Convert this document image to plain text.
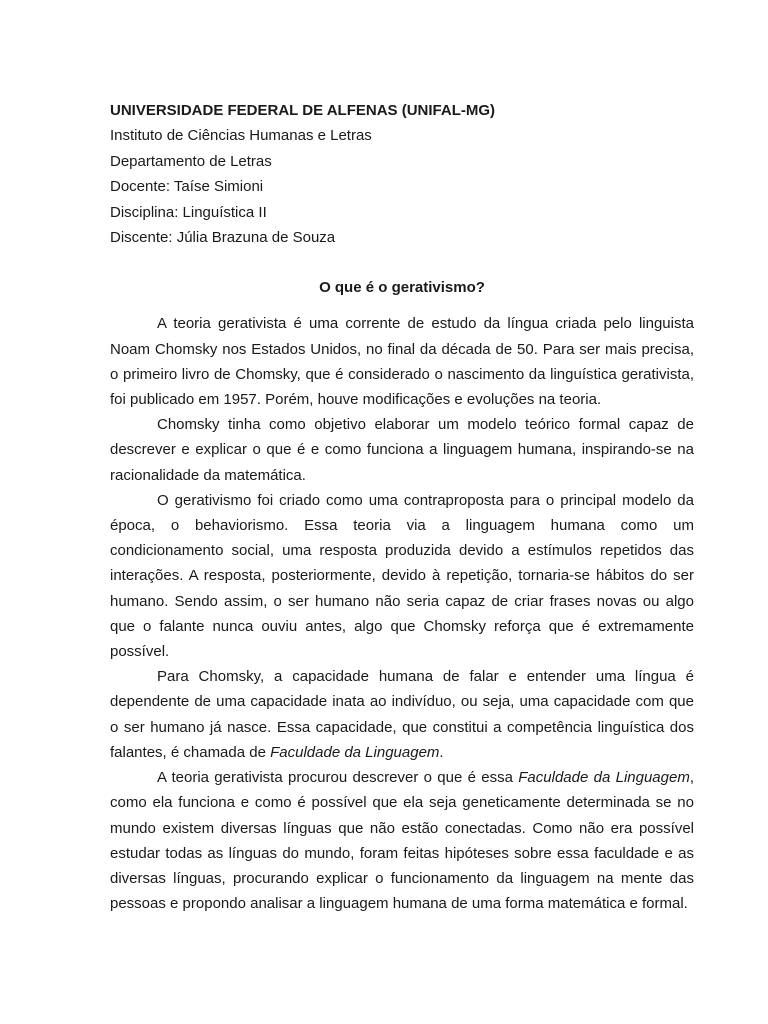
UNIVERSIDADE FEDERAL DE ALFENAS (UNIFAL-MG)

Instituto de Ciências Humanas e Letras

Departamento de Letras

Docente: Taíse Simioni

Disciplina: Linguística II

Discente: Júlia Brazuna de Souza

O que é o gerativismo?

A teoria gerativista é uma corrente de estudo da língua criada pelo linguista Noam Chomsky nos Estados Unidos, no final da década de 50. Para ser mais precisa, o primeiro livro de Chomsky, que é considerado o nascimento da linguística gerativista, foi publicado em 1957. Porém, houve modificações e evoluções na teoria.

Chomsky tinha como objetivo elaborar um modelo teórico formal capaz de descrever e explicar o que é e como funciona a linguagem humana, inspirando-se na racionalidade da matemática.

O gerativismo foi criado como uma contraproposta para o principal modelo da época, o behaviorismo. Essa teoria via a linguagem humana como um condicionamento social, uma resposta produzida devido a estímulos repetidos das interações. A resposta, posteriormente, devido à repetição, tornaria-se hábitos do ser humano. Sendo assim, o ser humano não seria capaz de criar frases novas ou algo que o falante nunca ouviu antes, algo que Chomsky reforça que é extremamente possível.

Para Chomsky, a capacidade humana de falar e entender uma língua é dependente de uma capacidade inata ao indivíduo, ou seja, uma capacidade com que o ser humano já nasce. Essa capacidade, que constitui a competência linguística dos falantes, é chamada de Faculdade da Linguagem.

A teoria gerativista procurou descrever o que é essa Faculdade da Linguagem, como ela funciona e como é possível que ela seja geneticamente determinada se no mundo existem diversas línguas que não estão conectadas. Como não era possível estudar todas as línguas do mundo, foram feitas hipóteses sobre essa faculdade e as diversas línguas, procurando explicar o funcionamento da linguagem na mente das pessoas e propondo analisar a linguagem humana de uma forma matemática e formal.
